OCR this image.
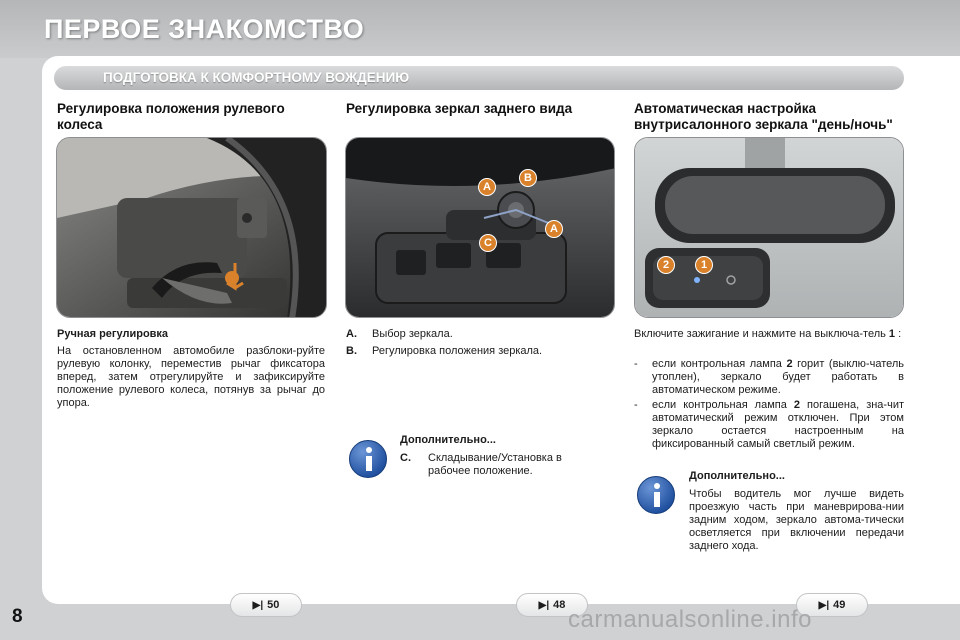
ПЕРВОЕ ЗНАКОМСТВО
ПОДГОТОВКА К КОМФОРТНОМУ ВОЖДЕНИЮ
Регулировка положения рулевого
колеса
Ручная регулировка
На остановленном автомобиле разблоки-руйте рулевую колонку, переместив рычаг фиксатора вперед, затем отрегулируйте и зафиксируйте положение рулевого колеса, потянув за рычаг до упора.
Регулировка зеркал заднего вида
A
B
A
C
A.	Выбор зеркала.
B.	Регулировка положения зеркала.
Дополнительно...
C.	Складывание/Установка в рабочее положение.
Автоматическая настройка
внутрисалонного зеркала "день/ночь"
2	1
Включите зажигание и нажмите на выключа-тель 1 :
-	если контрольная лампа 2 горит (выклю-чатель утоплен), зеркало будет работать в автоматическом режиме.
-	если контрольная лампа 2 погашена, зна-чит автоматический режим отключен. При этом зеркало остается настроенным на фиксированный самый светлый режим.
Дополнительно...
Чтобы водитель мог лучше видеть проезжую часть при маневрирова-нии задним ходом, зеркало автома-тически осветляется при включении передачи заднего хода.
▶| 50	▶| 48	▶| 49
8	carmanualsonline.info
